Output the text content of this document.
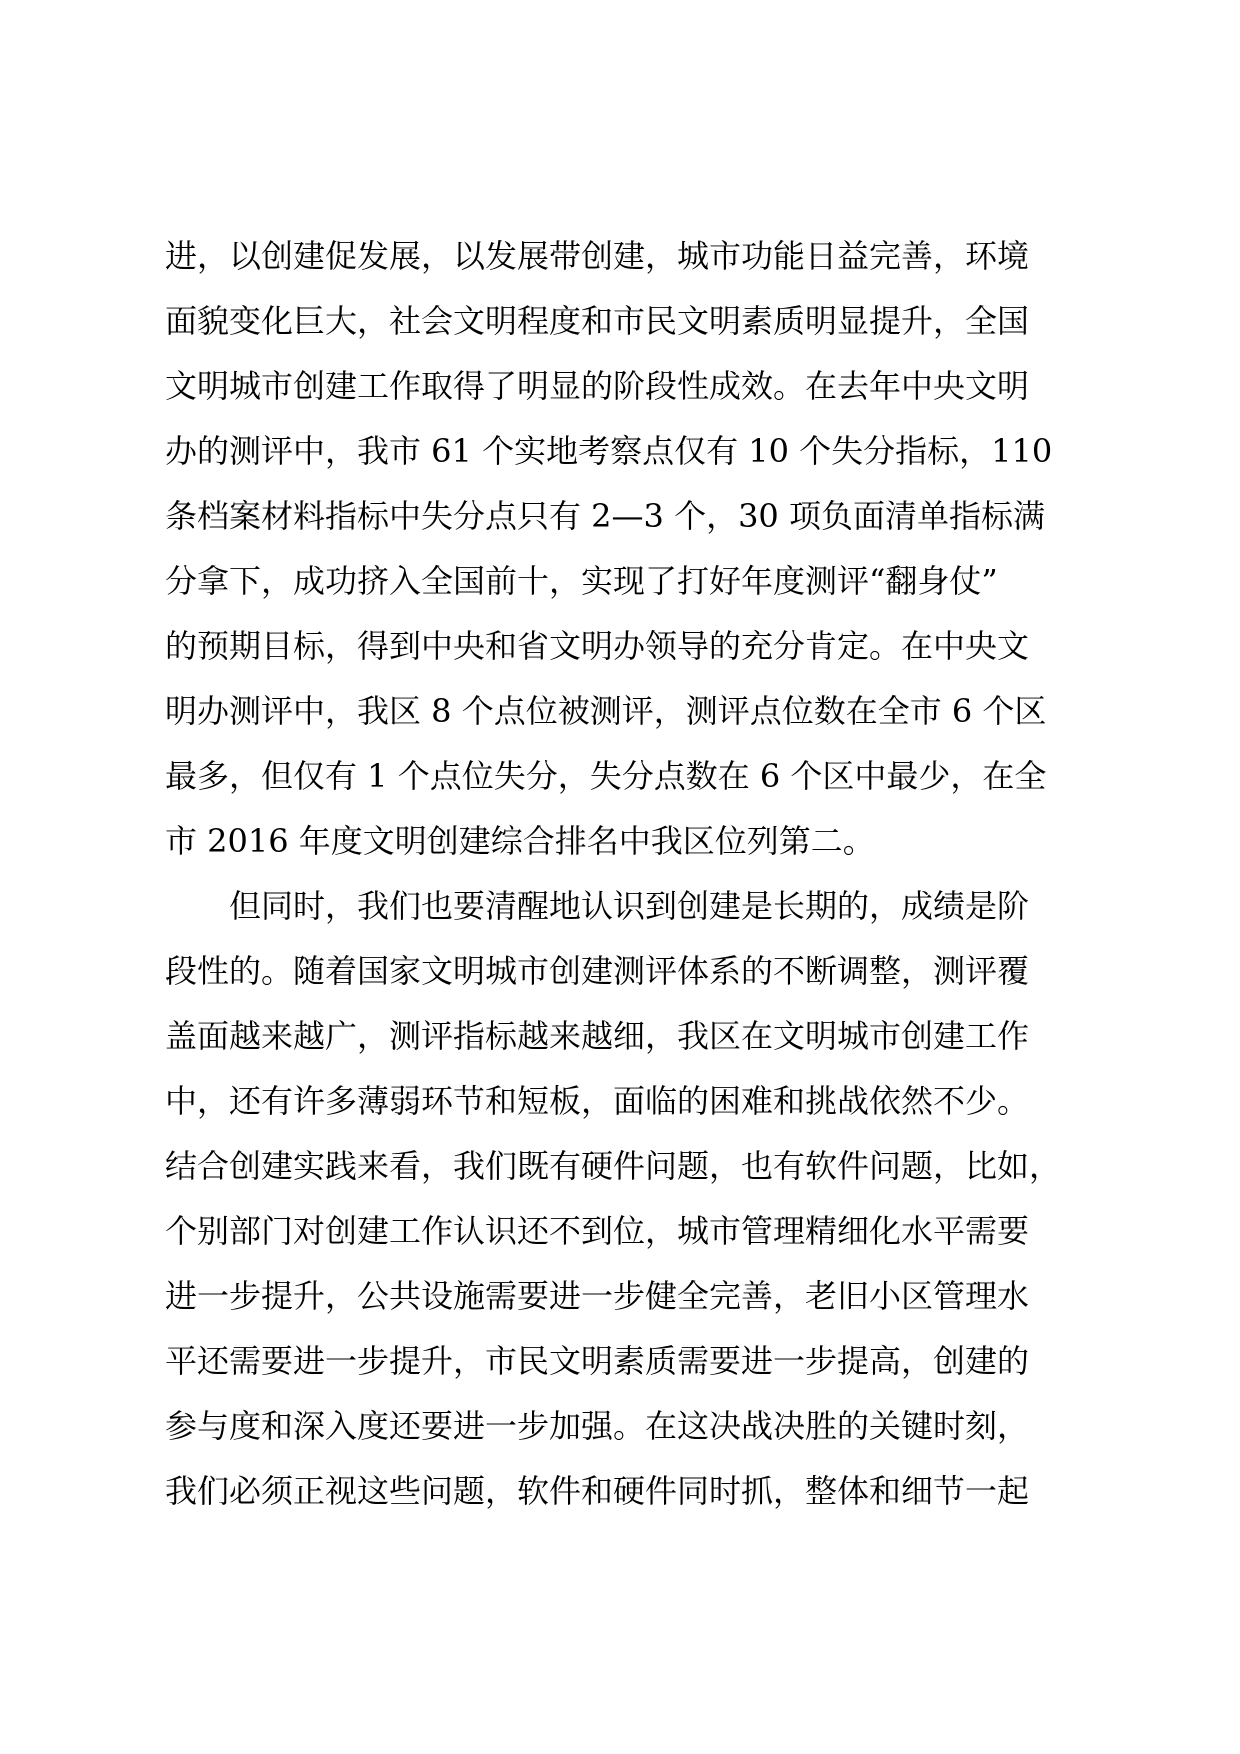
进，以创建促发展，以发展带创建，城市功能日益完善，环境
面貌变化巨大，社会文明程度和市民文明素质明显提升，全国
文明城市创建工作取得了明显的阶段性成效。在去年中央文明
办的测评中，我市 61 个实地考察点仅有 10 个失分指标，110
条档案材料指标中失分点只有 2—3 个，30 项负面清单指标满
分拿下，成功挤入全国前十，实现了打好年度测评“翻身仗”
的预期目标，得到中央和省文明办领导的充分肯定。在中央文
明办测评中，我区 8 个点位被测评，测评点位数在全市 6 个区
最多，但仅有 1 个点位失分，失分点数在 6 个区中最少，在全
市 2016 年度文明创建综合排名中我区位列第二。
　　但同时，我们也要清醒地认识到创建是长期的，成绩是阶
段性的。随着国家文明城市创建测评体系的不断调整，测评覆
盖面越来越广，测评指标越来越细，我区在文明城市创建工作
中，还有许多薄弱环节和短板，面临的困难和挑战依然不少。
结合创建实践来看，我们既有硬件问题，也有软件问题，比如，
个别部门对创建工作认识还不到位，城市管理精细化水平需要
进一步提升，公共设施需要进一步健全完善，老旧小区管理水
平还需要进一步提升，市民文明素质需要进一步提高，创建的
参与度和深入度还要进一步加强。在这决战决胜的关键时刻，
我们必须正视这些问题，软件和硬件同时抓，整体和细节一起
